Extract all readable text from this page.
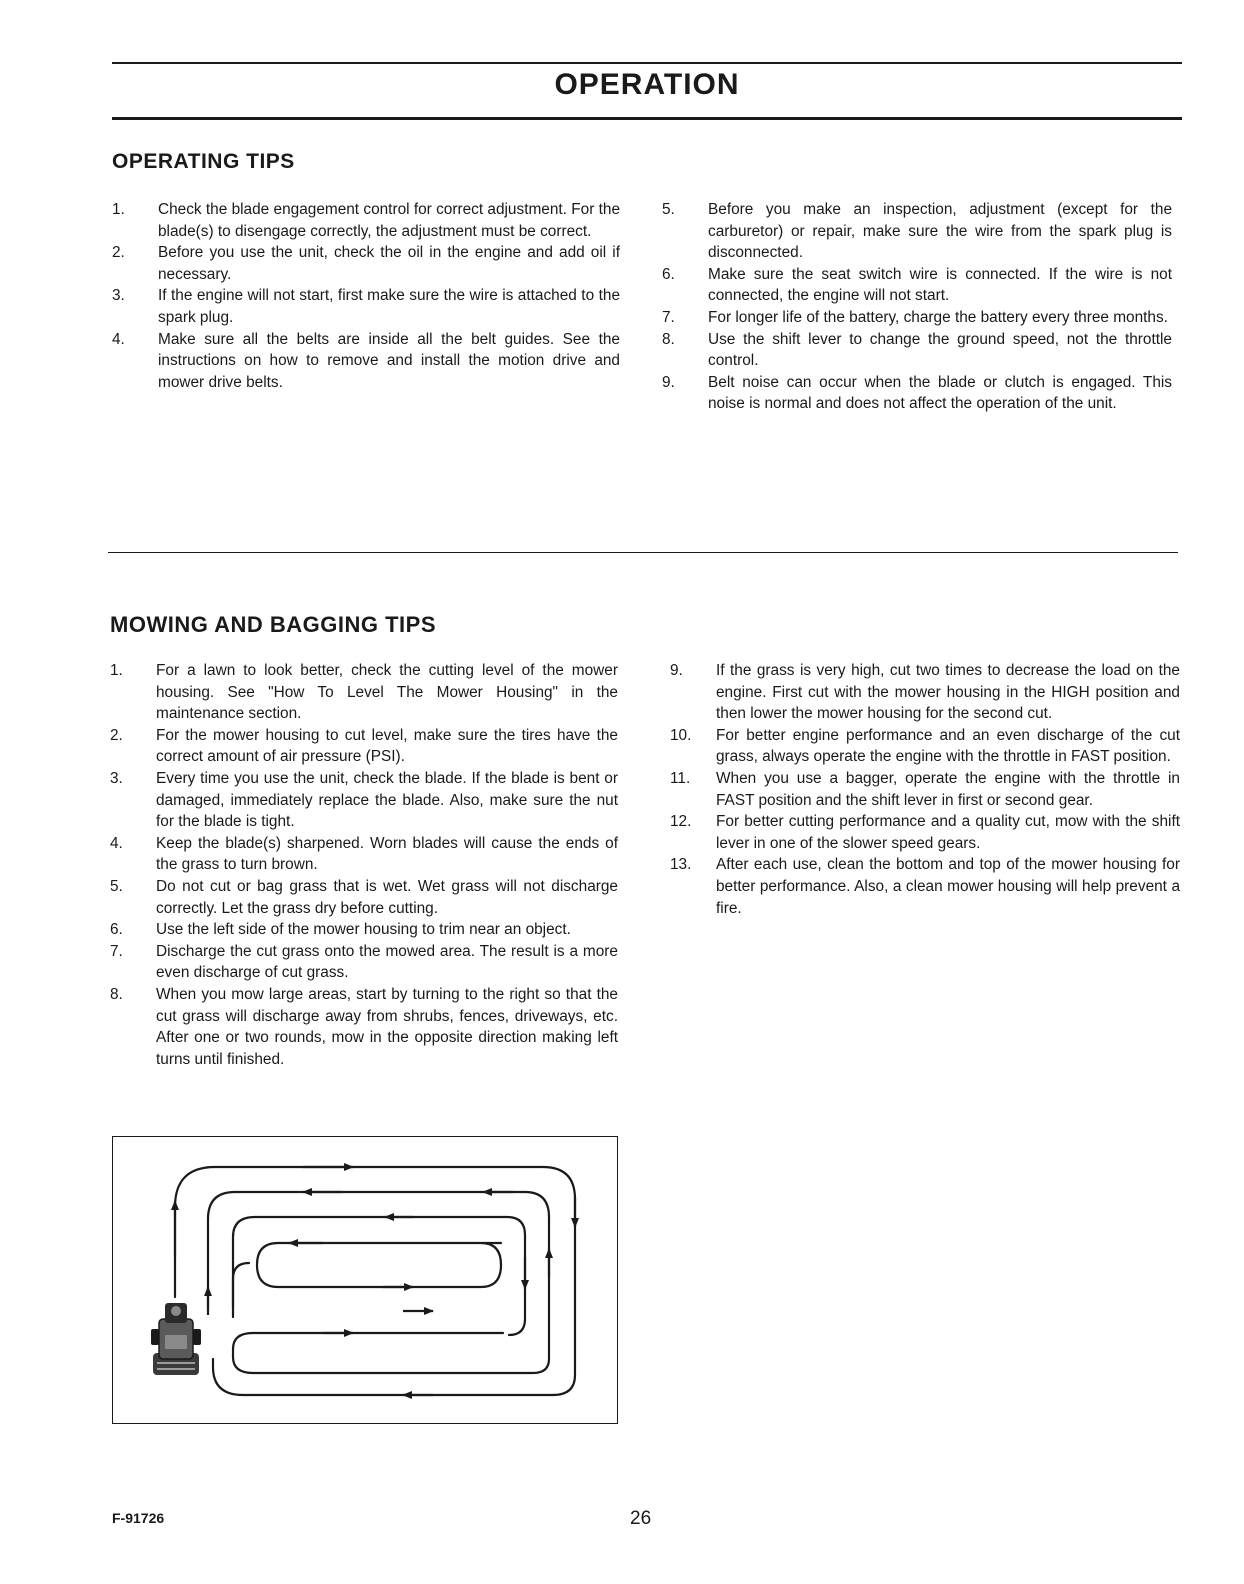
OPERATION
OPERATING TIPS
1.	Check the blade engagement control for correct adjustment. For the blade(s) to disengage correctly, the adjustment must be correct.
2.	Before you use the unit, check the oil in the engine and add oil if necessary.
3.	If the engine will not start, first make sure the wire is attached to the spark plug.
4.	Make sure all the belts are inside all the belt guides. See the instructions on how to remove and install the motion drive and mower drive belts.
5.	Before you make an inspection, adjustment (except for the carburetor) or repair, make sure the wire from the spark plug is disconnected.
6.	Make sure the seat switch wire is connected. If the wire is not connected, the engine will not start.
7.	For longer life of the battery, charge the battery every three months.
8.	Use the shift lever to change the ground speed, not the throttle control.
9.	Belt noise can occur when the blade or clutch is engaged. This noise is normal and does not affect the operation of the unit.
MOWING AND BAGGING TIPS
1.	For a lawn to look better, check the cutting level of the mower housing. See "How To Level The Mower Housing" in the maintenance section.
2.	For the mower housing to cut level, make sure the tires have the correct amount of air pressure (PSI).
3.	Every time you use the unit, check the blade. If the blade is bent or damaged, immediately replace the blade. Also, make sure the nut for the blade is tight.
4.	Keep the blade(s) sharpened. Worn blades will cause the ends of the grass to turn brown.
5.	Do not cut or bag grass that is wet. Wet grass will not discharge correctly. Let the grass dry before cutting.
6.	Use the left side of the mower housing to trim near an object.
7.	Discharge the cut grass onto the mowed area. The result is a more even discharge of cut grass.
8.	When you mow large areas, start by turning to the right so that the cut grass will discharge away from shrubs, fences, driveways, etc. After one or two rounds, mow in the opposite direction making left turns until finished.
9.	If the grass is very high, cut two times to decrease the load on the engine. First cut with the mower housing in the HIGH position and then lower the mower housing for the second cut.
10.	For better engine performance and an even discharge of the cut grass, always operate the engine with the throttle in FAST position.
11.	When you use a bagger, operate the engine with the throttle in FAST position and the shift lever in first or second gear.
12.	For better cutting performance and a quality cut, mow with the shift lever in one of the slower speed gears.
13.	After each use, clean the bottom and top of the mower housing for better performance. Also, a clean mower housing will help prevent a fire.
F-91726	26
